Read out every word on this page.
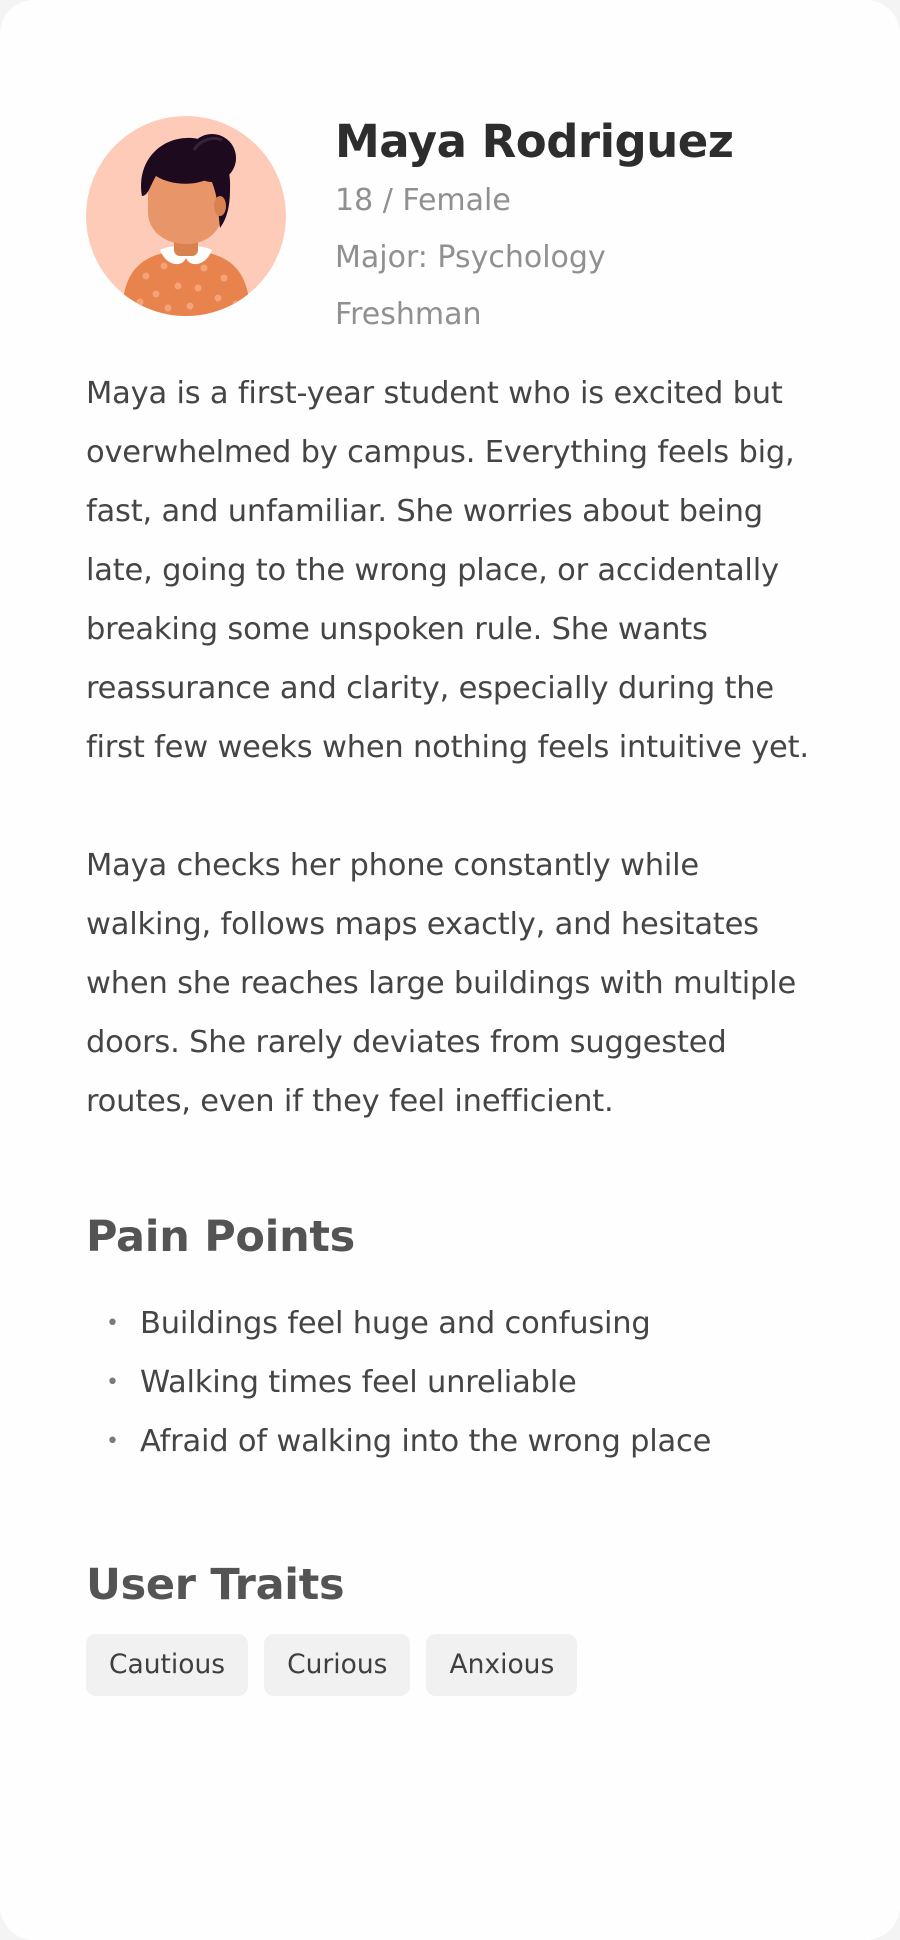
Maya Rodriguez
18 / Female
Major: Psychology
Freshman

Maya is a first-year student who is excited but overwhelmed by campus. Everything feels big, fast, and unfamiliar. She worries about being late, going to the wrong place, or accidentally breaking some unspoken rule. She wants reassurance and clarity, especially during the first few weeks when nothing feels intuitive yet.

Maya checks her phone constantly while walking, follows maps exactly, and hesitates when she reaches large buildings with multiple doors. She rarely deviates from suggested routes, even if they feel inefficient.

Pain Points
• Buildings feel huge and confusing
• Walking times feel unreliable
• Afraid of walking into the wrong place
User Traits
Cautious	Curious	Anxious
